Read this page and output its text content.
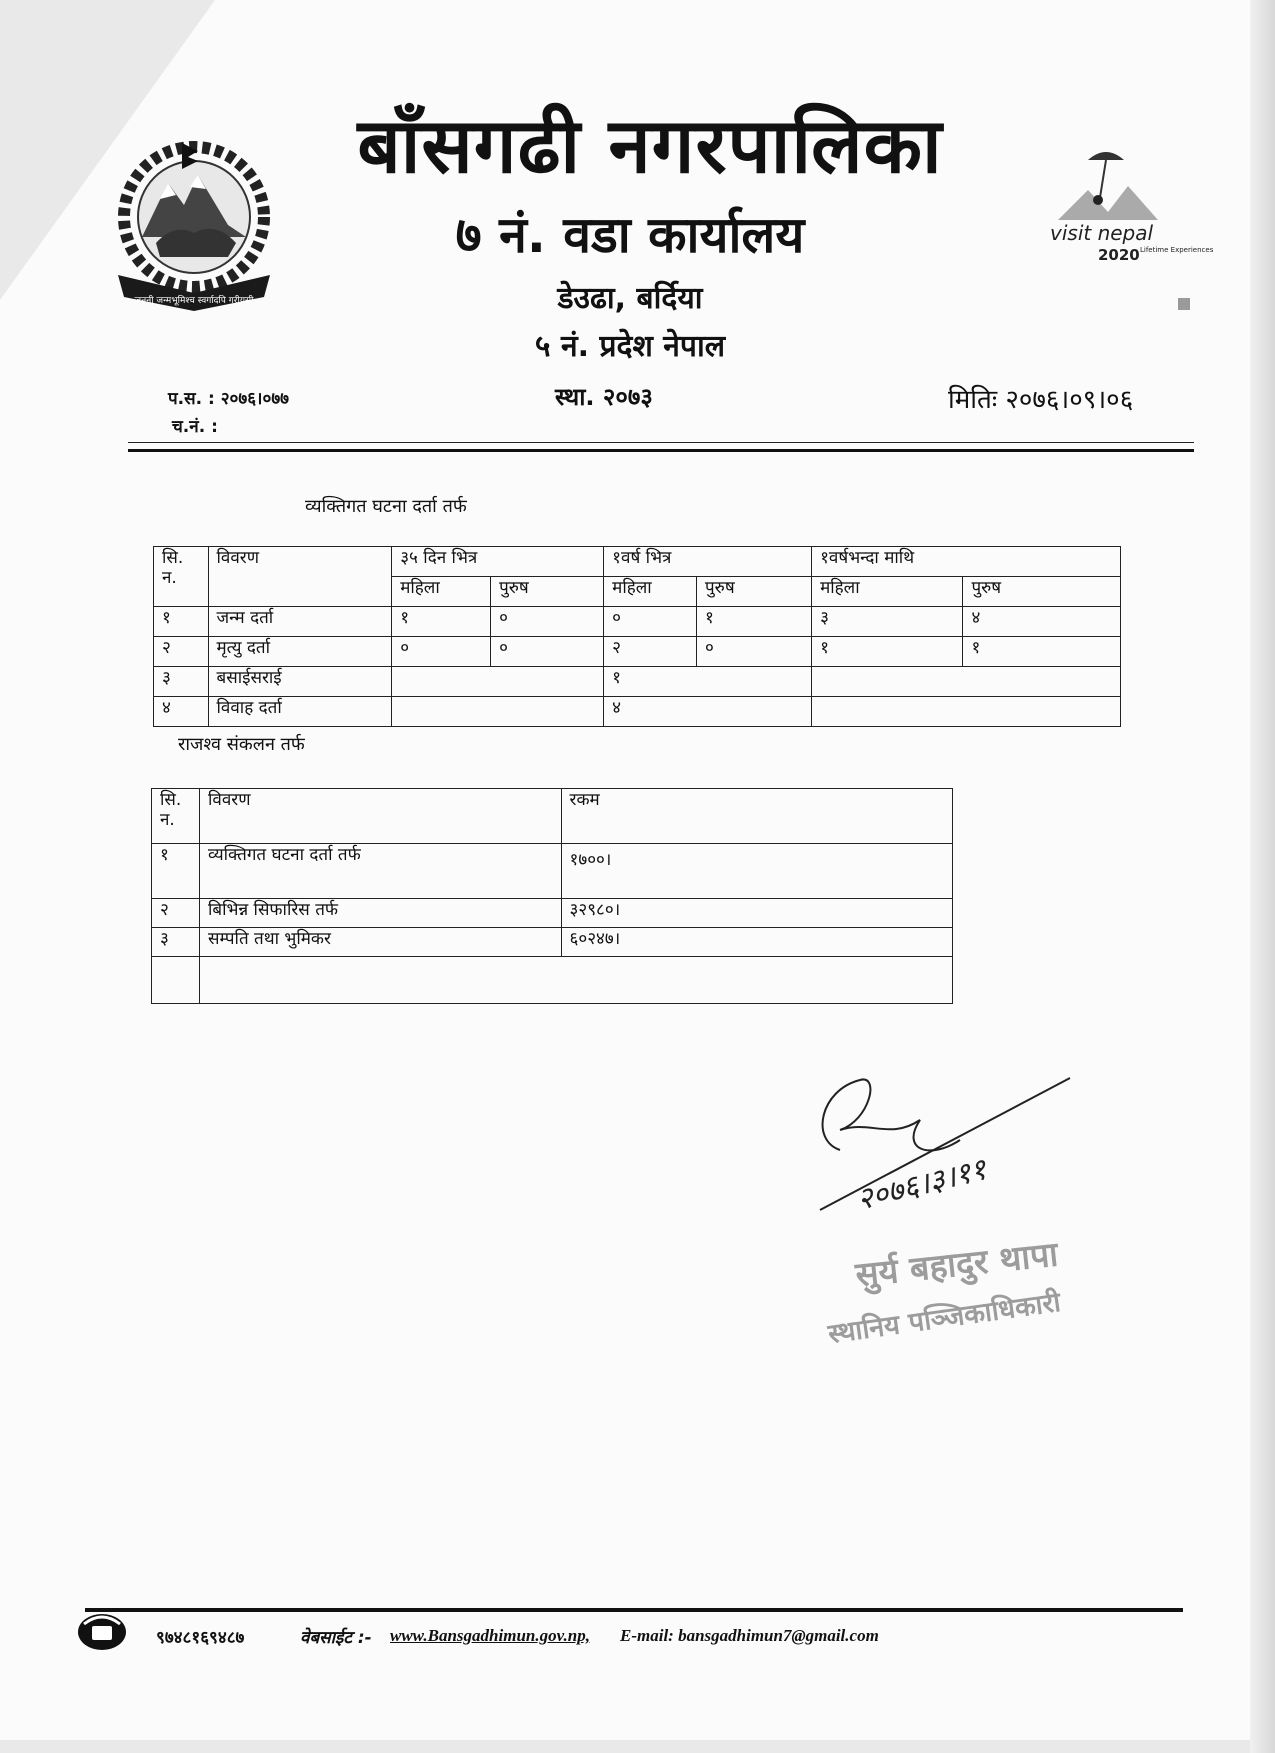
जननी जन्मभूमिश्च स्वर्गादपि गरीयसी
visit nepal
2020 Lifetime Experiences
बाँसगढी नगरपालिका
७ नं. वडा कार्यालय
डेउढा, बर्दिया
५ नं. प्रदेश नेपाल
प.स. : २०७६।०७७
च.नं. :
स्था. २०७३	मितिः २०७६।०९।०६
व्यक्तिगत घटना दर्ता तर्फ
सि. न.	विवरण	३५ दिन भित्र		१वर्ष भित्र		१वर्षभन्दा माथि	
		महिला	पुरुष	महिला	पुरुष	महिला	पुरुष
१	जन्म दर्ता	१	०	०	१	३	४
२	मृत्यु दर्ता	०	०	२	०	१	१
३	बसाईसराई			१			
४	विवाह दर्ता			४			
राजश्व संकलन तर्फ
सि. न.	विवरण	रकम
१	व्यक्तिगत घटना दर्ता तर्फ	१७००।
२	बिभिन्न सिफारिस तर्फ	३२९८०।
३	सम्पति तथा भुमिकर	६०२४७।

२०७६।३।११
सुर्य बहादुर थापा
स्थानिय पञ्जिकाधिकारी
९७४८१६९४८७	वेबसाईट :- www.Bansgadhimun.gov.np, E-mail: bansgadhimun7@gmail.com
